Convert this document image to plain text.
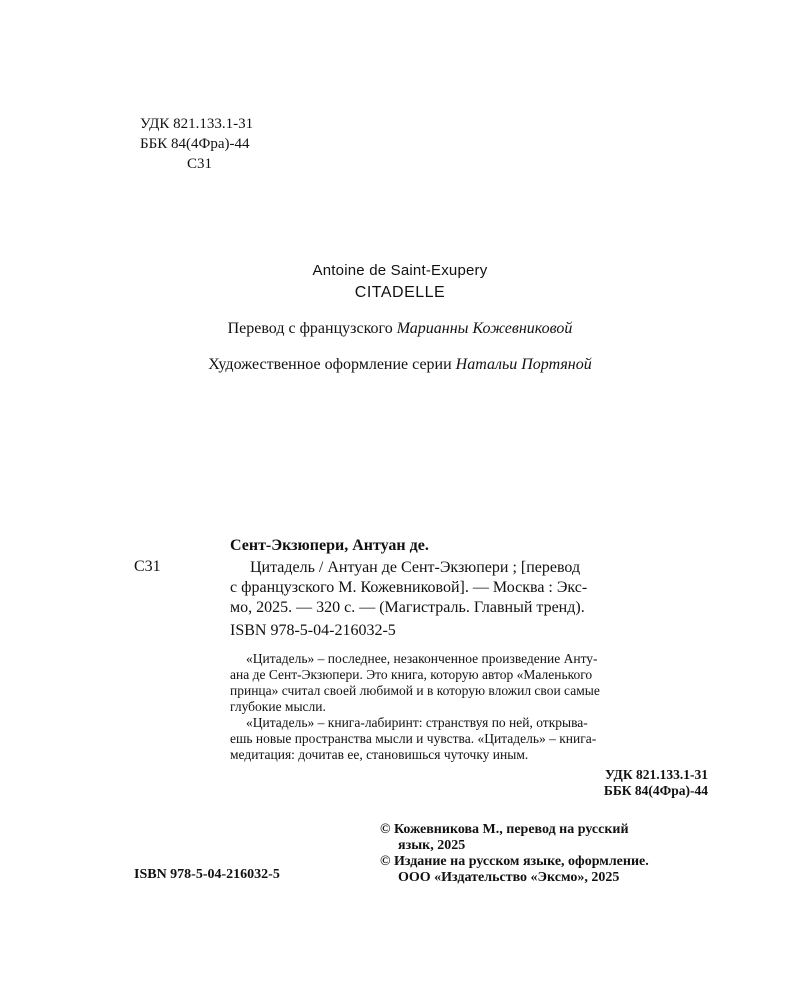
УДК 821.133.1-31
ББК 84(4Фра)-44
С31
Antoine de Saint-Exupery
CITADELLE
Перевод с французского Марианны Кожевниковой
Художественное оформление серии Натальи Портяной
Сент-Экзюпери, Антуан де.
С31	Цитадель / Антуан де Сент-Экзюпери ; [перевод
с французского М. Кожевниковой]. — Москва : Экс-
мо, 2025. — 320 с. — (Магистраль. Главный тренд).
ISBN 978-5-04-216032-5
«Цитадель» – последнее, незаконченное произведение Анту-
ана де Сент-Экзюпери. Это книга, которую автор «Маленького
принца» считал своей любимой и в которую вложил свои самые
глубокие мысли.
«Цитадель» – книга-лабиринт: странствуя по ней, открыва-
ешь новые пространства мысли и чувства. «Цитадель» – книга-
медитация: дочитав ее, становишься чуточку иным.
УДК 821.133.1-31
ББК 84(4Фра)-44
© Кожевникова М., перевод на русский
язык, 2025
© Издание на русском языке, оформление.
ООО «Издательство «Эксмо», 2025
ISBN 978-5-04-216032-5
